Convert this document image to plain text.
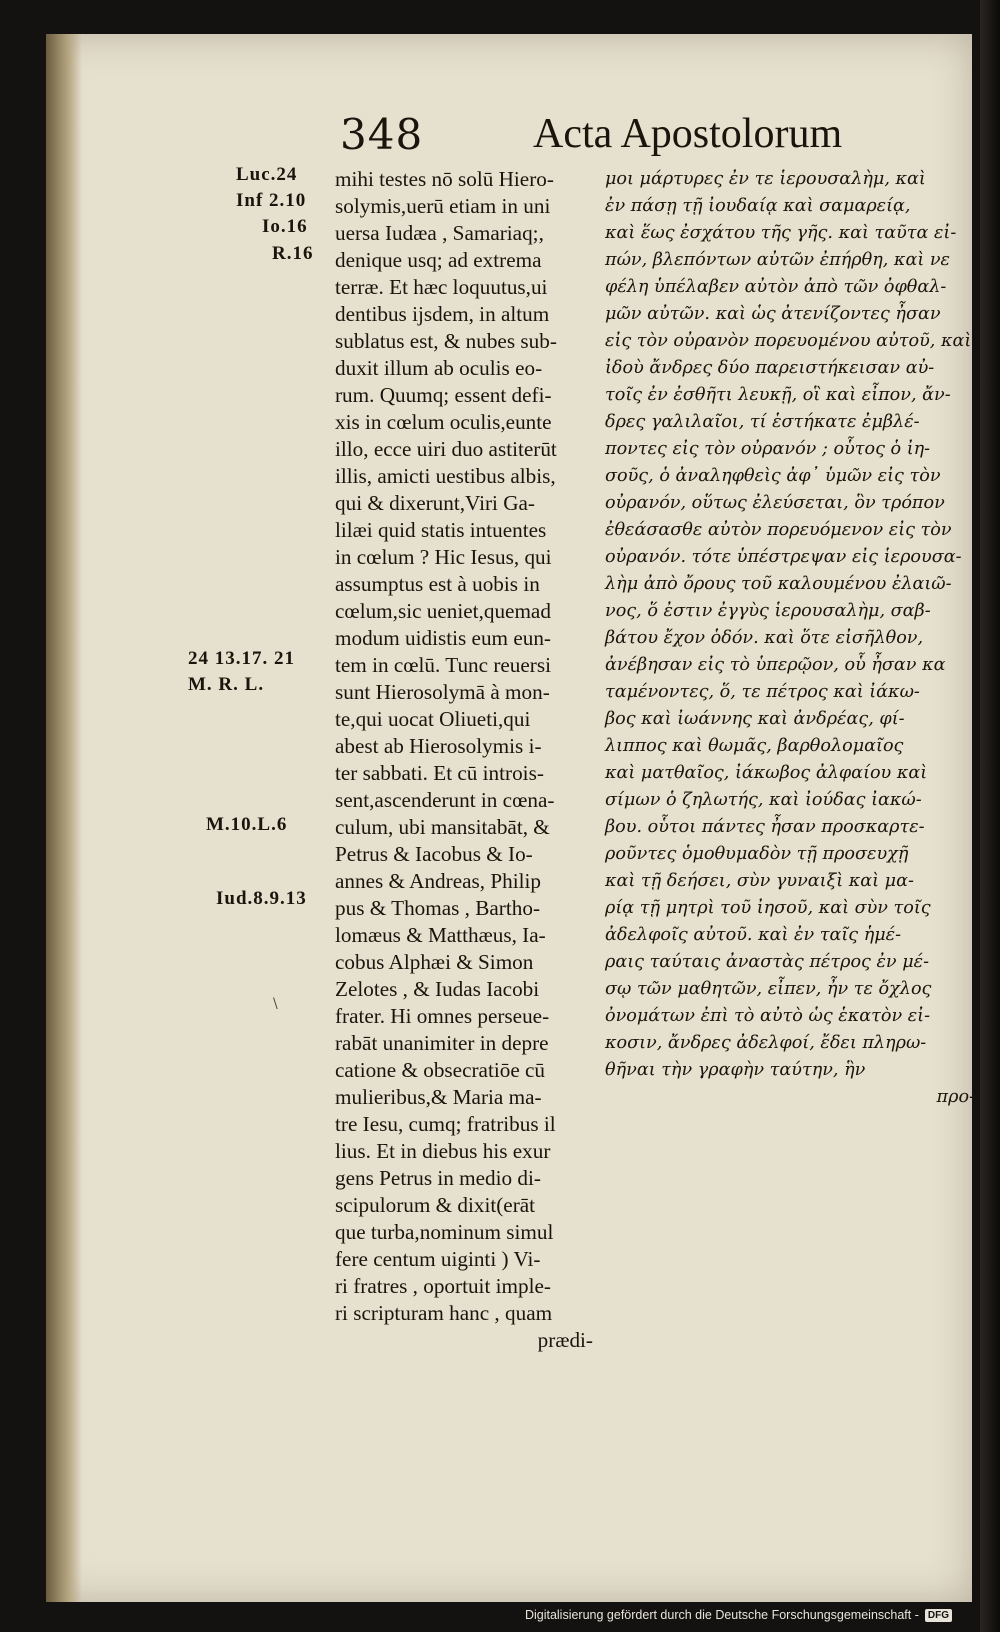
348	Acta Apostolorum
Luc.24
Inf 2.10
Io.16
R.16
24 13.17. 21
M. R. L.
M.10.L.6
Iud.8.9.13
\
mihi testes nō solū Hiero-
solymis,uerū etiam in uni
uersa Iudæa , Samariaq;,
denique usq; ad extrema
terræ. Et hæc loquutus,ui
dentibus ijsdem, in altum
sublatus est, & nubes sub-
duxit illum ab oculis eo-
rum. Quumq; essent defi-
xis in cœlum oculis,eunte
illo, ecce uiri duo astiterūt
illis, amicti uestibus albis,
qui & dixerunt,Viri Ga-
lilæi quid statis intuentes
in cœlum ? Hic Iesus, qui
assumptus est à uobis in
cœlum,sic ueniet,quemad
modum uidistis eum eun-
tem in cœlū. Tunc reuersi
sunt Hierosolymā à mon-
te,qui uocat Oliueti,qui
abest ab Hierosolymis i-
ter sabbati. Et cū introis-
sent,ascenderunt in cœna-
culum, ubi mansitabāt, &
Petrus & Iacobus & Io-
annes & Andreas, Philip
pus & Thomas , Bartho-
lomæus & Matthæus, Ia-
cobus Alphæi & Simon
Zelotes , & Iudas Iacobi
frater. Hi omnes perseue-
rabāt unanimiter in depre
catione & obsecratiōe cū
mulieribus,& Maria ma-
tre Iesu, cumq; fratribus il
lius. Et in diebus his exur
gens Petrus in medio di-
scipulorum & dixit(erāt
que turba,nominum simul
fere centum uiginti ) Vi-
ri fratres , oportuit imple-
ri scripturam hanc , quam
prædi-
μοι μάρτυρες ἐν τε ἱερουσαλὴμ, καὶ
ἐν πάσῃ τῇ ἰουδαίᾳ καὶ σαμαρείᾳ,
καὶ ἕως ἐσχάτου τῆς γῆς. καὶ ταῦτα εἰ-
πών, βλεπόντων αὐτῶν ἐπήρθη, καὶ νε
φέλη ὑπέλαβεν αὐτὸν ἀπὸ τῶν ὀφθαλ-
μῶν αὐτῶν. καὶ ὡς ἀτενίζοντες ἦσαν
εἰς τὸν οὐρανὸν πορευομένου αὐτοῦ, καὶ
ἰδοὺ ἄνδρες δύο παρειστήκεισαν αὐ-
τοῖς ἐν ἐσθῆτι λευκῇ, οἳ καὶ εἶπον, ἄν-
δρες γαλιλαῖοι, τί ἑστήκατε ἐμβλέ-
ποντες εἰς τὸν οὐρανόν ; οὗτος ὁ ἰη-
σοῦς, ὁ ἀναληφθεὶς ἀφ᾽ ὑμῶν εἰς τὸν
οὐρανόν, οὕτως ἐλεύσεται, ὃν τρόπον
ἐθεάσασθε αὐτὸν πορευόμενον εἰς τὸν
οὐρανόν. τότε ὑπέστρεψαν εἰς ἱερουσα-
λὴμ ἀπὸ ὄρους τοῦ καλουμένου ἐλαιῶ-
νος, ὅ ἐστιν ἐγγὺς ἱερουσαλὴμ, σαβ-
βάτου ἔχον ὁδόν. καὶ ὅτε εἰσῆλθον,
ἀνέβησαν εἰς τὸ ὑπερῷον, οὗ ἦσαν κα
ταμένοντες, ὅ, τε πέτρος καὶ ἰάκω-
βος καὶ ἰωάννης καὶ ἀνδρέας, φί-
λιππος καὶ θωμᾶς, βαρθολομαῖος
καὶ ματθαῖος, ἰάκωβος ἀλφαίου καὶ
σίμων ὁ ζηλωτής, καὶ ἰούδας ἰακώ-
βου. οὗτοι πάντες ἦσαν προσκαρτε-
ροῦντες ὁμοθυμαδὸν τῇ προσευχῇ
καὶ τῇ δεήσει, σὺν γυναιξὶ καὶ μα-
ρίᾳ τῇ μητρὶ τοῦ ἰησοῦ, καὶ σὺν τοῖς
ἀδελφοῖς αὐτοῦ. καὶ ἐν ταῖς ἡμέ-
ραις ταύταις ἀναστὰς πέτρος ἐν μέ-
σῳ τῶν μαθητῶν, εἶπεν, ἦν τε ὄχλος
ὀνομάτων ἐπὶ τὸ αὐτὸ ὡς ἑκατὸν εἰ-
κοσιν, ἄνδρες ἀδελφοί, ἔδει πληρω-
θῆναι τὴν γραφὴν ταύτην, ἣν
προ-
Digitalisierung gefördert durch die Deutsche Forschungsgemeinschaft - DFG
